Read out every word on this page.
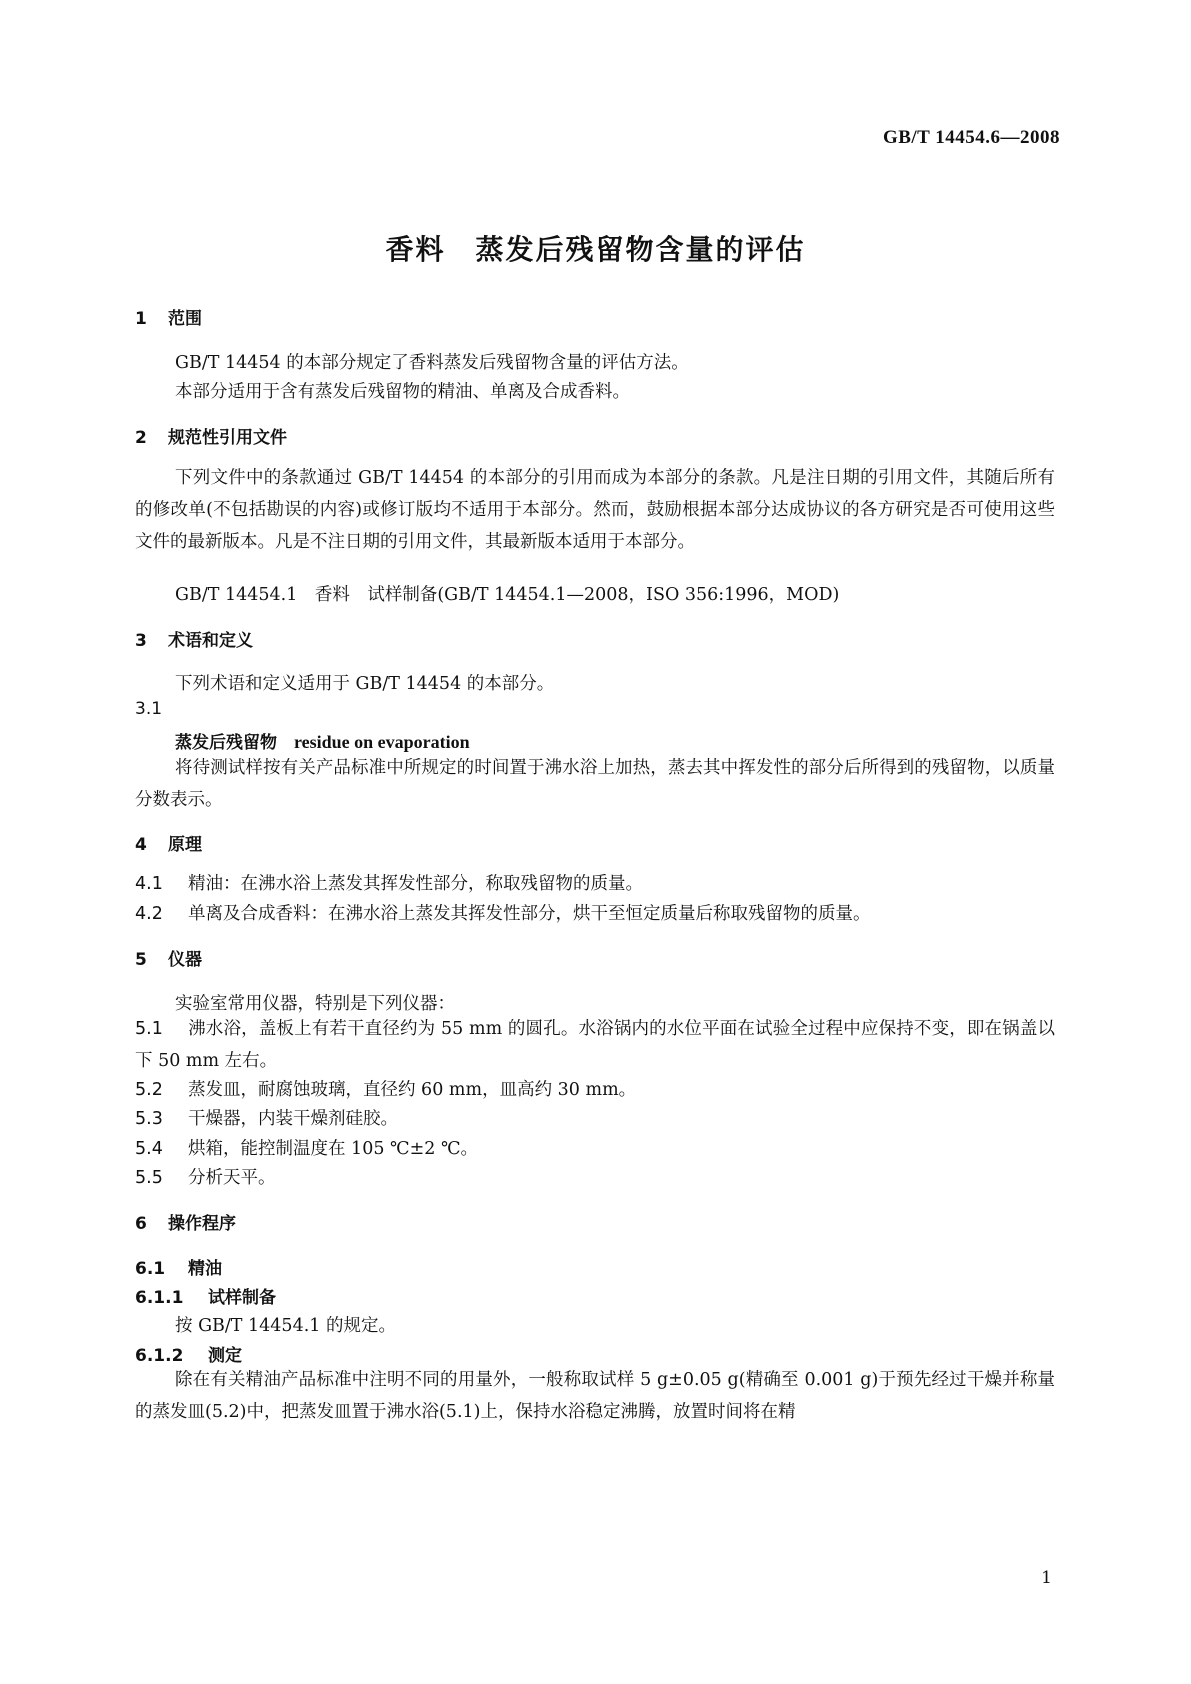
GB/T 14454.6—2008
香料　蒸发后残留物含量的评估
1 范围
GB/T 14454 的本部分规定了香料蒸发后残留物含量的评估方法。
本部分适用于含有蒸发后残留物的精油、单离及合成香料。
2 规范性引用文件
下列文件中的条款通过 GB/T 14454 的本部分的引用而成为本部分的条款。凡是注日期的引用文件，其随后所有的修改单(不包括勘误的内容)或修订版均不适用于本部分。然而，鼓励根据本部分达成协议的各方研究是否可使用这些文件的最新版本。凡是不注日期的引用文件，其最新版本适用于本部分。
GB/T 14454.1　香料　试样制备(GB/T 14454.1—2008，ISO 356:1996，MOD)
3 术语和定义
下列术语和定义适用于 GB/T 14454 的本部分。
3.1
蒸发后残留物　 residue on evaporation
将待测试样按有关产品标准中所规定的时间置于沸水浴上加热，蒸去其中挥发性的部分后所得到的残留物，以质量分数表示。
4 原理
4.1 精油：在沸水浴上蒸发其挥发性部分，称取残留物的质量。
4.2 单离及合成香料：在沸水浴上蒸发其挥发性部分，烘干至恒定质量后称取残留物的质量。
5 仪器
实验室常用仪器，特别是下列仪器：
5.1 沸水浴，盖板上有若干直径约为 55 mm 的圆孔。水浴锅内的水位平面在试验全过程中应保持不变，即在锅盖以下 50 mm 左右。
5.2 蒸发皿，耐腐蚀玻璃，直径约 60 mm，皿高约 30 mm。
5.3 干燥器，内装干燥剂硅胶。
5.4 烘箱，能控制温度在 105 ℃±2 ℃。
5.5 分析天平。
6 操作程序
6.1 精油
6.1.1 试样制备
按 GB/T 14454.1 的规定。
6.1.2 测定
除在有关精油产品标准中注明不同的用量外，一般称取试样 5 g±0.05 g(精确至 0.001 g)于预先经过干燥并称量的蒸发皿(5.2)中，把蒸发皿置于沸水浴(5.1)上，保持水浴稳定沸腾，放置时间将在精
1
